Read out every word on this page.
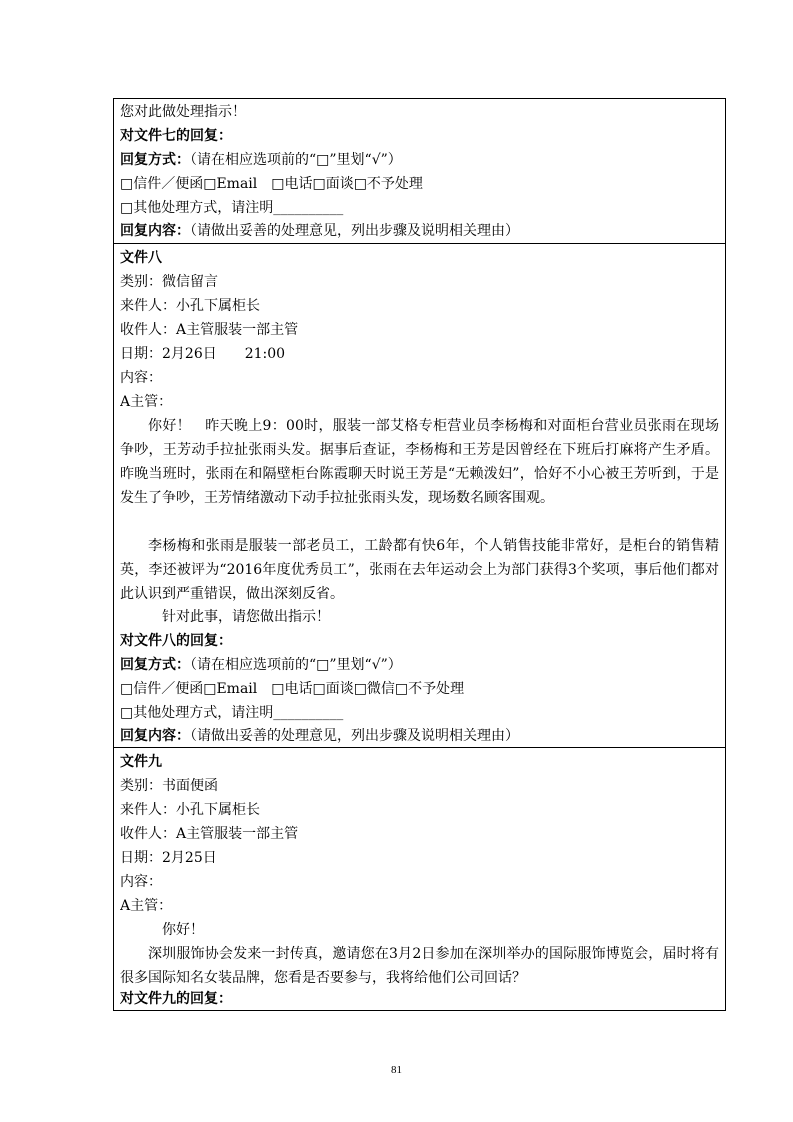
您对此做处理指示！
对文件七的回复：
回复方式：（请在相应选项前的“□”里划“√”）
□信件／便函□Email　□电话□面谈□不予处理
□其他处理方式，请注明__________
回复内容：（请做出妥善的处理意见，列出步骤及说明相关理由）
文件八
类别：微信留言
来件人：小孔下属柜长
收件人：A主管服装一部主管
日期：2月26日　　21:00
内容：
A主管：
你好！　昨天晚上9：00时，服装一部艾格专柜营业员李杨梅和对面柜台营业员张雨在现场争吵，王芳动手拉扯张雨头发。据事后查证，李杨梅和王芳是因曾经在下班后打麻将产生矛盾。昨晚当班时，张雨在和隔壁柜台陈霞聊天时说王芳是“无赖泼妇”，恰好不小心被王芳听到，于是发生了争吵，王芳情绪激动下动手拉扯张雨头发，现场数名顾客围观。
李杨梅和张雨是服装一部老员工，工龄都有快6年，个人销售技能非常好，是柜台的销售精英，李还被评为“2016年度优秀员工”，张雨在去年运动会上为部门获得3个奖项，事后他们都对此认识到严重错误，做出深刻反省。
针对此事，请您做出指示！
对文件八的回复：
回复方式：（请在相应选项前的“□”里划“√”）
□信件／便函□Email　□电话□面谈□微信□不予处理
□其他处理方式，请注明__________
回复内容：（请做出妥善的处理意见，列出步骤及说明相关理由）
文件九
类别：书面便函
来件人：小孔下属柜长
收件人：A主管服装一部主管
日期：2月25日
内容：
A主管：
你好！
深圳服饰协会发来一封传真，邀请您在3月2日参加在深圳举办的国际服饰博览会，届时将有很多国际知名女装品牌，您看是否要参与，我将给他们公司回话？
对文件九的回复：
81
